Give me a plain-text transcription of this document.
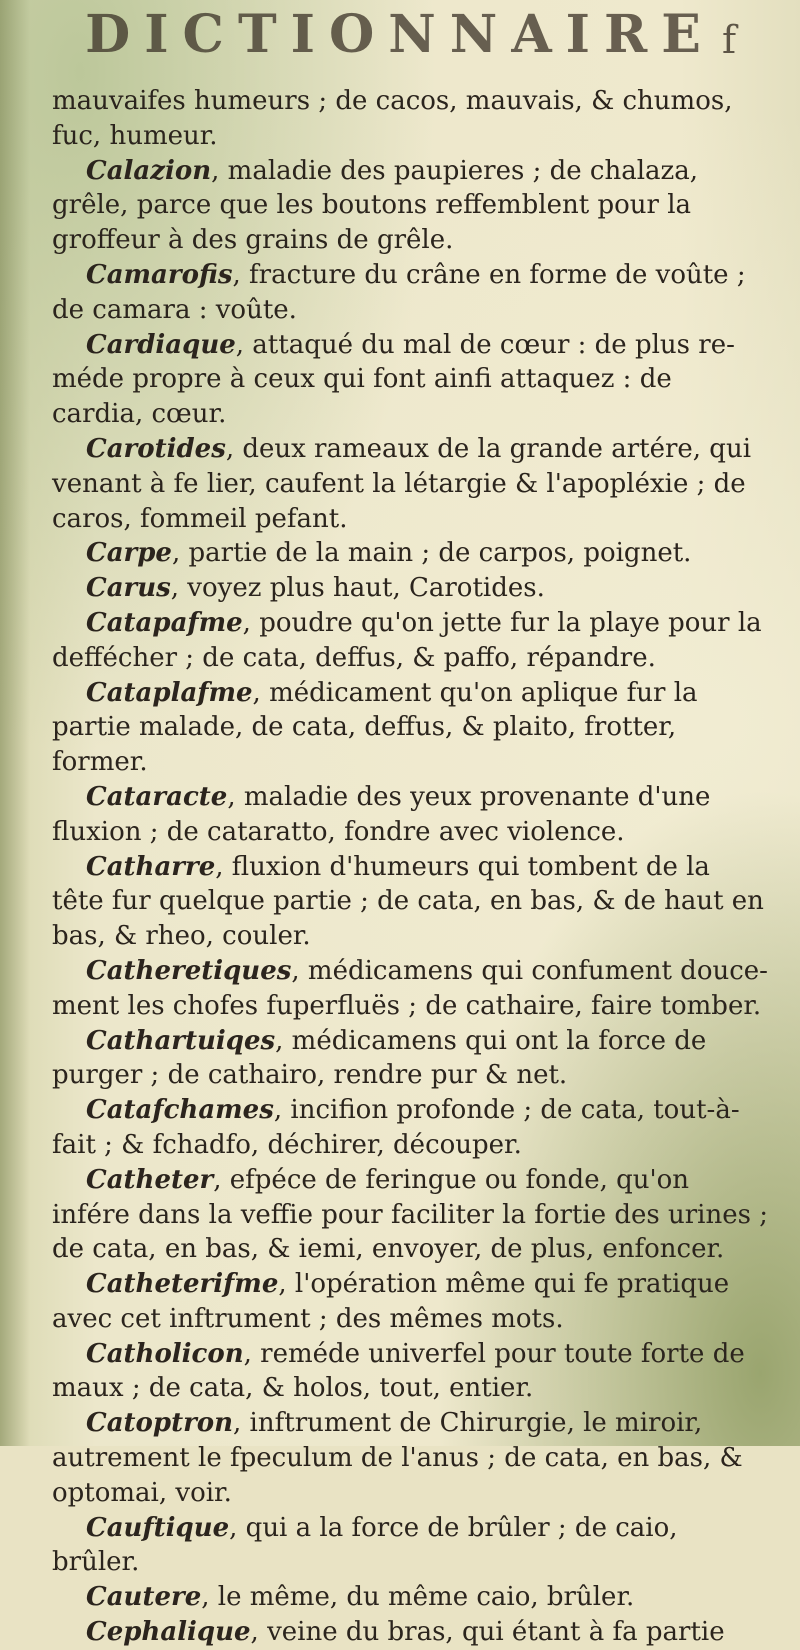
DICTIONNAIRE f

mauvaifes humeurs ; de cacos, mauvais, & chumos, fuc, humeur.

Calazion, maladie des paupieres ; de chalaza, grêle, parce que les boutons reffemblent pour la groffeur à des grains de grêle.

Camarofis, fracture du crâne en forme de voûte ; de camara : voûte.

Cardiaque, attaqué du mal de cœur : de plus re-méde propre à ceux qui font ainfi attaquez : de cardia, cœur.

Carotides, deux rameaux de la grande artére, qui venant à fe lier, caufent la létargie & l'apopléxie ; de caros, fommeil pefant.

Carpe, partie de la main ; de carpos, poignet.

Carus, voyez plus haut, Carotides.

Catapafme, poudre qu'on jette fur la playe pour la deffécher ; de cata, deffus, & paffo, répandre.

Cataplafme, médicament qu'on aplique fur la partie malade, de cata, deffus, & plaito, frotter, former.

Cataracte, maladie des yeux provenante d'une fluxion ; de cataratto, fondre avec violence.

Catharre, fluxion d'humeurs qui tombent de la tête fur quelque partie ; de cata, en bas, & de haut en bas, & rheo, couler.

Catheretiques, médicamens qui confument douce-ment les chofes fuperfluës ; de cathaire, faire tomber.

Cathartuiqes, médicamens qui ont la force de purger ; de cathairo, rendre pur & net.

Catafchames, incifion profonde ; de cata, tout-à-fait ; & fchadfo, déchirer, découper.

Catheter, efpéce de feringue ou fonde, qu'on infére dans la veffie pour faciliter la fortie des urines ; de cata, en bas, & iemi, envoyer, de plus, enfoncer.

Catheterifme, l'opération même qui fe pratique avec cet inftrument ; des mêmes mots.

Catholicon, reméde univerfel pour toute forte de maux ; de cata, & holos, tout, entier.

Catoptron, inftrument de Chirurgie, le miroir, autrement le fpeculum de l'anus ; de cata, en bas, & optomai, voir.

Cauftique, qui a la force de brûler ; de caio, brûler.

Cautere, le même, du même caio, brûler.

Cephalique, veine du bras, qui étant à fa partie
